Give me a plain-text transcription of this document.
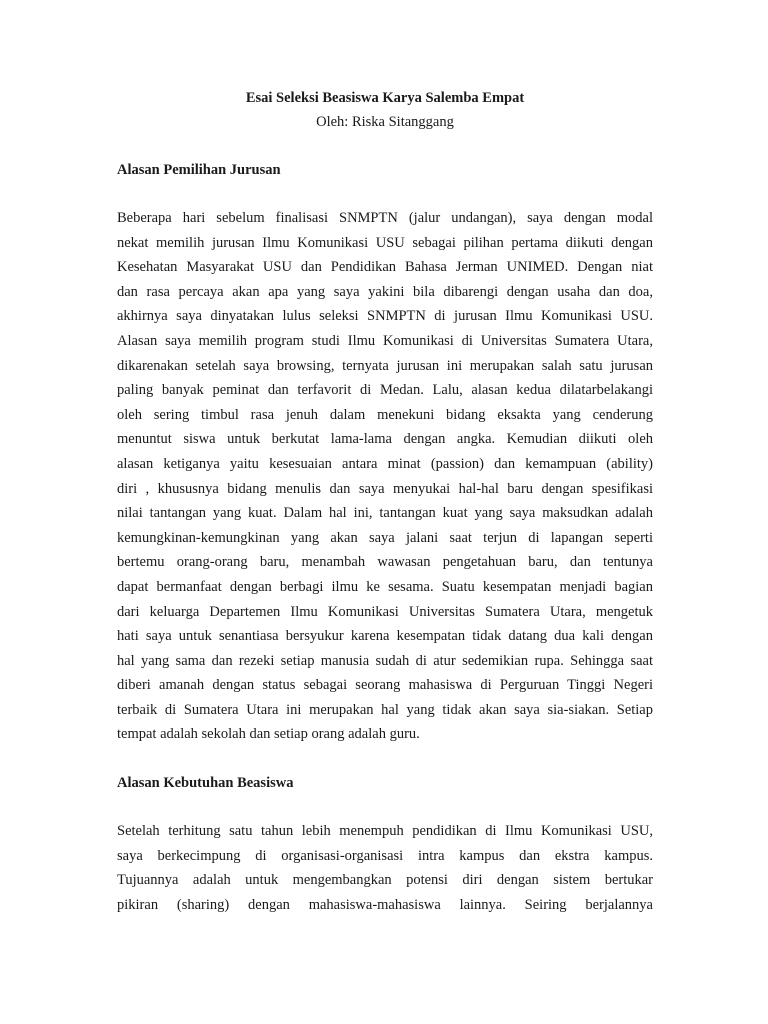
Esai Seleksi Beasiswa Karya Salemba Empat

Oleh: Riska Sitanggang

Alasan Pemilihan Jurusan

Beberapa hari sebelum finalisasi SNMPTN (jalur undangan), saya dengan modal
nekat memilih jurusan Ilmu Komunikasi USU sebagai pilihan pertama diikuti dengan
Kesehatan Masyarakat USU dan Pendidikan Bahasa Jerman UNIMED. Dengan niat
dan rasa percaya akan apa yang saya yakini bila dibarengi dengan usaha dan doa,
akhirnya saya dinyatakan lulus seleksi SNMPTN di jurusan Ilmu Komunikasi USU.
Alasan saya memilih program studi Ilmu Komunikasi di Universitas Sumatera Utara,
dikarenakan setelah saya browsing, ternyata jurusan ini merupakan salah satu jurusan
paling banyak peminat dan terfavorit di Medan. Lalu, alasan kedua dilatarbelakangi
oleh sering timbul rasa jenuh dalam menekuni bidang eksakta yang cenderung
menuntut siswa untuk berkutat lama-lama dengan angka. Kemudian diikuti oleh
alasan ketiganya yaitu kesesuaian antara minat (passion) dan kemampuan (ability)
diri , khususnya bidang menulis dan saya menyukai hal-hal baru dengan spesifikasi
nilai tantangan yang kuat. Dalam hal ini, tantangan kuat yang saya maksudkan adalah
kemungkinan-kemungkinan yang akan saya jalani saat terjun di lapangan seperti
bertemu orang-orang baru, menambah wawasan pengetahuan baru, dan tentunya
dapat bermanfaat dengan berbagi ilmu ke sesama. Suatu kesempatan menjadi bagian
dari keluarga Departemen Ilmu Komunikasi Universitas Sumatera Utara, mengetuk
hati saya untuk senantiasa bersyukur karena kesempatan tidak datang dua kali dengan
hal yang sama dan rezeki setiap manusia sudah di atur sedemikian rupa. Sehingga saat
diberi amanah dengan status sebagai seorang mahasiswa di Perguruan Tinggi Negeri
terbaik di Sumatera Utara ini merupakan hal yang tidak akan saya sia-siakan. Setiap
tempat adalah sekolah dan setiap orang adalah guru.

Alasan Kebutuhan Beasiswa

Setelah terhitung satu tahun lebih menempuh pendidikan di Ilmu Komunikasi USU,
saya berkecimpung di organisasi-organisasi intra kampus dan ekstra kampus.
Tujuannya adalah untuk mengembangkan potensi diri dengan sistem bertukar
pikiran (sharing) dengan mahasiswa-mahasiswa lainnya. Seiring berjalannya
